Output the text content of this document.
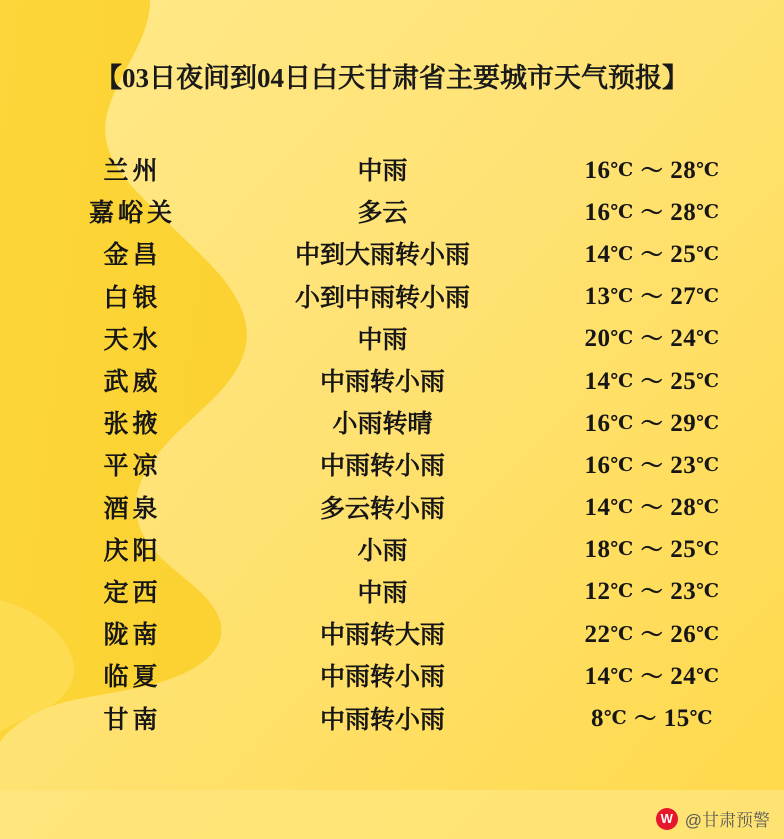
【03日夜间到04日白天甘肃省主要城市天气预报】
兰州	中雨	16℃ ～ 28℃
嘉峪关	多云	16℃ ～ 28℃
金昌	中到大雨转小雨	14℃ ～ 25℃
白银	小到中雨转小雨	13℃ ～ 27℃
天水	中雨	20℃ ～ 24℃
武威	中雨转小雨	14℃ ～ 25℃
张掖	小雨转晴	16℃ ～ 29℃
平凉	中雨转小雨	16℃ ～ 23℃
酒泉	多云转小雨	14℃ ～ 28℃
庆阳	小雨	18℃ ～ 25℃
定西	中雨	12℃ ～ 23℃
陇南	中雨转大雨	22℃ ～ 26℃
临夏	中雨转小雨	14℃ ～ 24℃
甘南	中雨转小雨	8℃ ～ 15℃
W @甘肃预警
